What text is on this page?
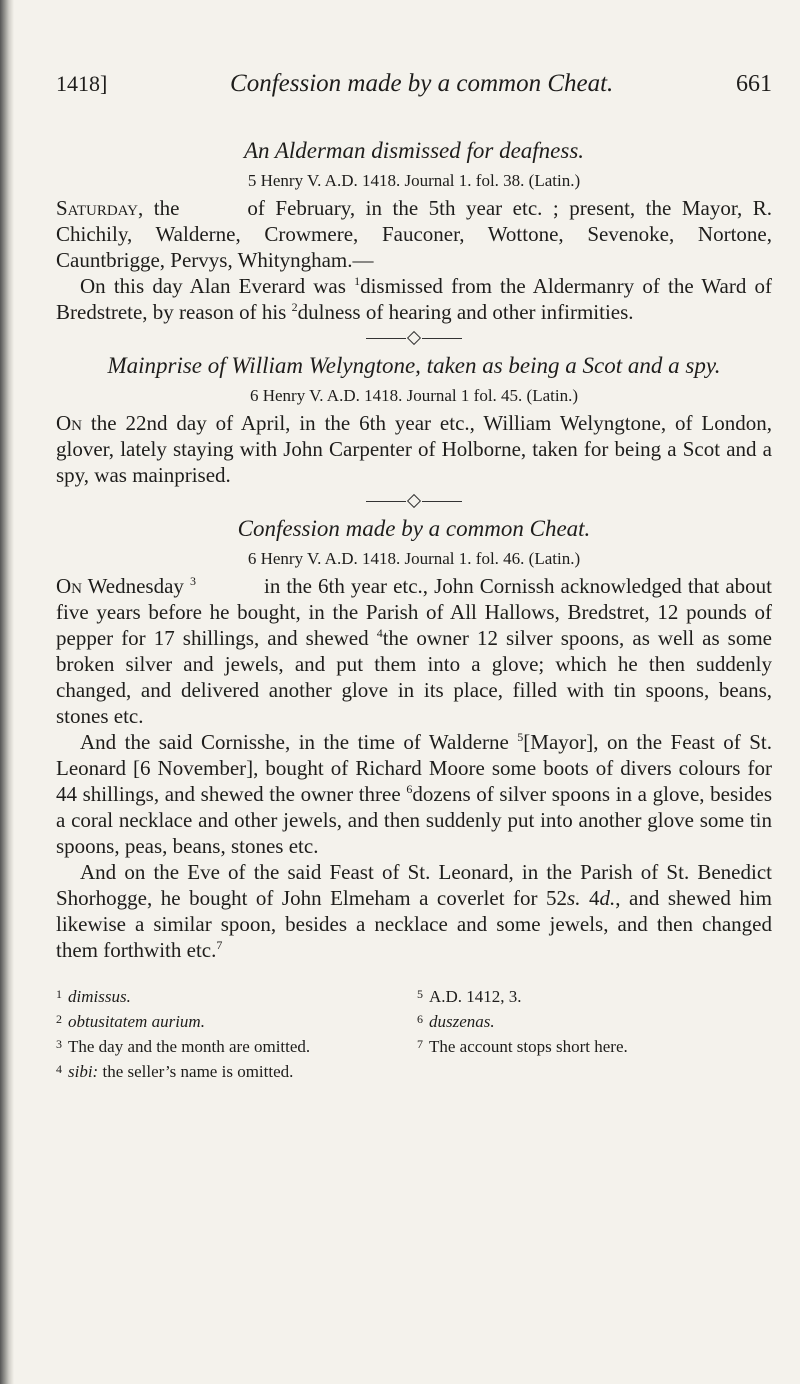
1418]	Confession made by a common Cheat.	661
An Alderman dismissed for deafness.
5 Henry V. A.D. 1418. Journal 1. fol. 38. (Latin.)

Saturday, the	of February, in the 5th year etc. ; present, the Mayor, R. Chichily, Walderne, Crowmere, Fauconer, Wottone, Sevenoke, Nortone, Cauntbrigge, Pervys, Whityngham.—

On this day Alan Everard was $^1$dismissed from the Aldermanry of the Ward of Bredstrete, by reason of his $^2$dulness of hearing and other infirmities.

Mainprise of William Welyngtone, taken as being a Scot and a spy.
6 Henry V. A.D. 1418. Journal 1 fol. 45. (Latin.)

On the 22nd day of April, in the 6th year etc., William Welyngtone, of London, glover, lately staying with John Carpenter of Holborne, taken for being a Scot and a spy, was mainprised.

Confession made by a common Cheat.
6 Henry V. A.D. 1418. Journal 1. fol. 46. (Latin.)

On Wednesday $^3$	in the 6th year etc., John Cornissh acknowledged that about five years before he bought, in the Parish of All Hallows, Bredstret, 12 pounds of pepper for 17 shillings, and shewed $^4$the owner 12 silver spoons, as well as some broken silver and jewels, and put them into a glove; which he then suddenly changed, and delivered another glove in its place, filled with tin spoons, beans, stones etc.

And the said Cornisshe, in the time of Walderne $^5$[Mayor], on the Feast of St. Leonard [6 November], bought of Richard Moore some boots of divers colours for 44 shillings, and shewed the owner three $^6$dozens of silver spoons in a glove, besides a coral necklace and other jewels, and then suddenly put into another glove some tin spoons, peas, beans, stones etc.

And on the Eve of the said Feast of St. Leonard, in the Parish of St. Benedict Shorhogge, he bought of John Elmeham a coverlet for 52s. 4d., and shewed him likewise a similar spoon, besides a necklace and some jewels, and then changed them forthwith etc.$^7$

$^1$ dimissus.
$^2$ obtusitatem aurium.
$^3$ The day and the month are omitted.
$^4$ sibi: the seller’s name is omitted.
$^5$ A.D. 1412, 3.
$^6$ duszenas.
$^7$ The account stops short here.
